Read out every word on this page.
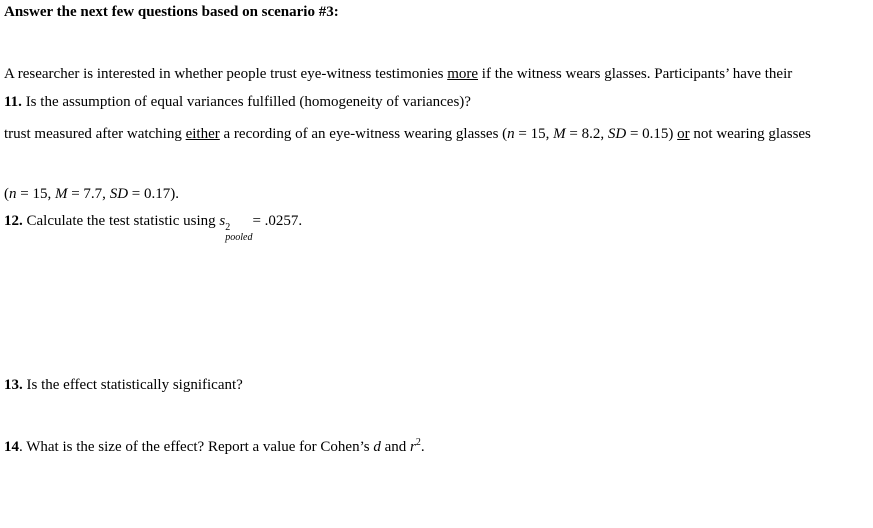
Answer the next few questions based on scenario #3:

A researcher is interested in whether people trust eye-witness testimonies more if the witness wears glasses. Participants’ have their

trust measured after watching either a recording of an eye-witness wearing glasses (n = 15, M = 8.2, SD = 0.15) or not wearing glasses

(n = 15, M = 7.7, SD = 0.17).

11. Is the assumption of equal variances fulfilled (homogeneity of variances)?
12. Calculate the test statistic using s 2
pooled
= .0257.
13. Is the effect statistically significant?
14. What is the size of the effect? Report a value for Cohen’s d and $r^2$.
